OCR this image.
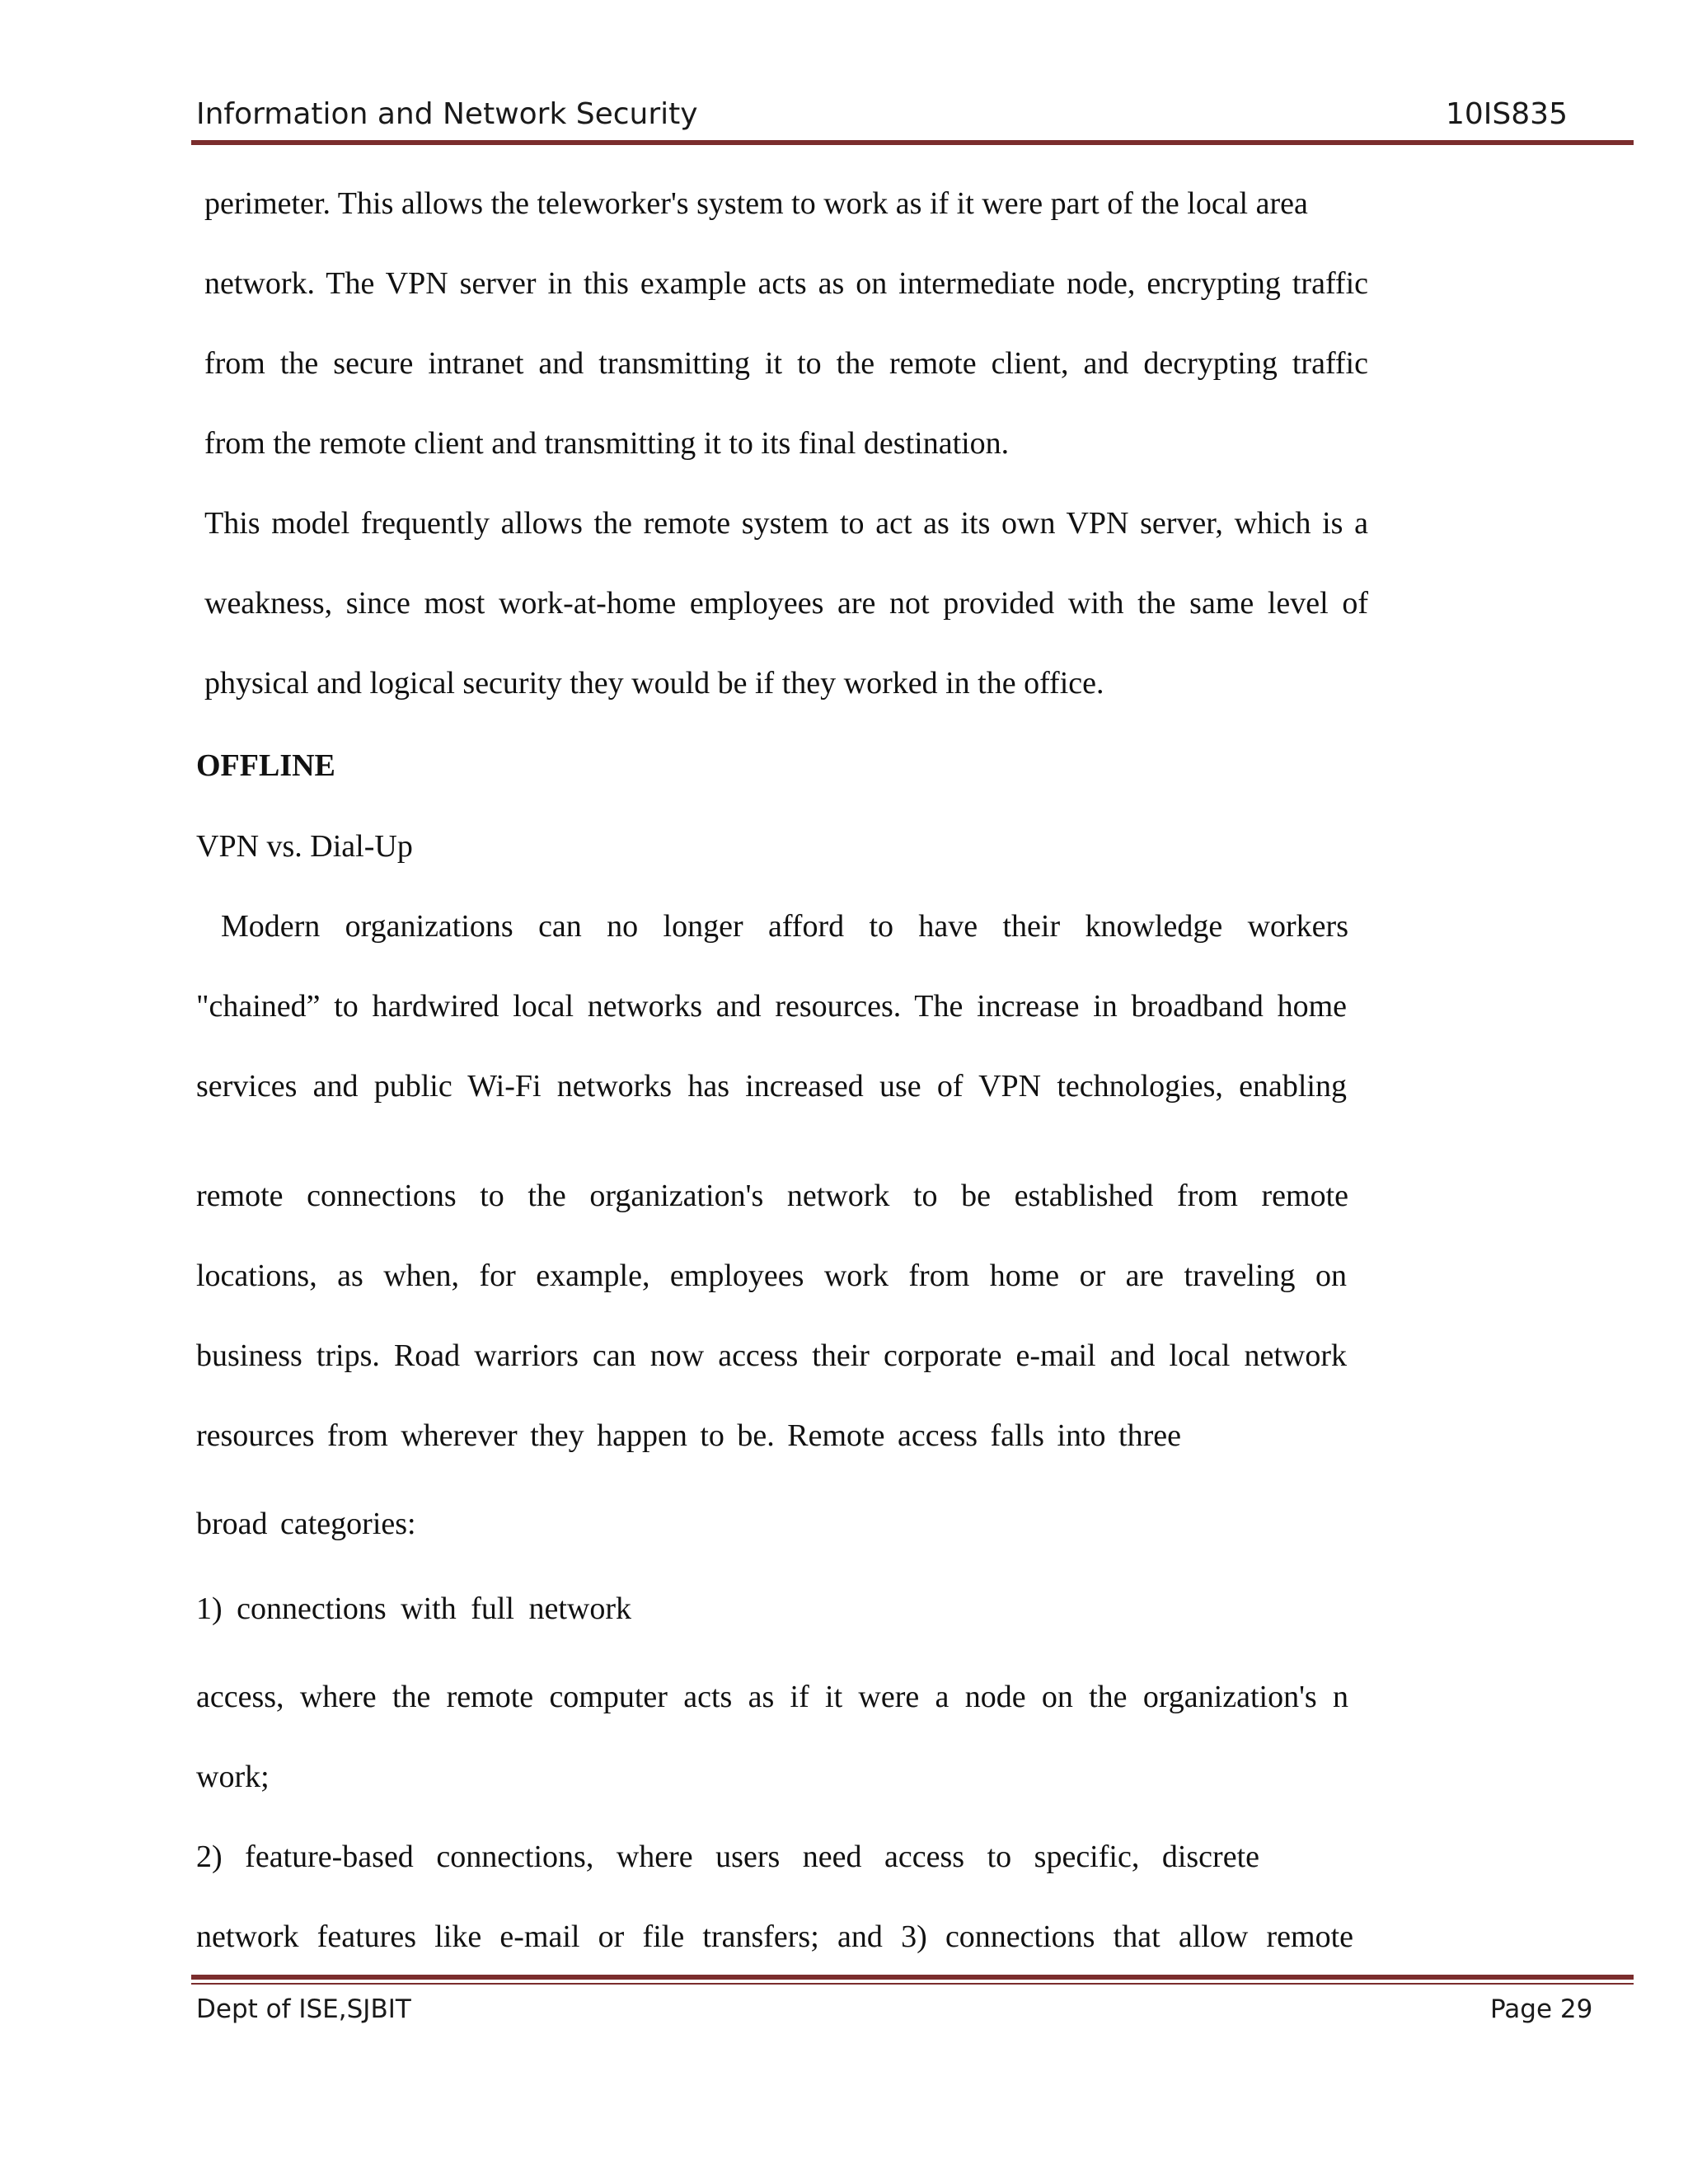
Information and Network Security	10IS835
perimeter. This allows the teleworker's system to work as if it were part of the local area
network. The VPN server in this example acts as on intermediate node, encrypting traffic
from the secure intranet and transmitting it to the remote client, and decrypting traffic
from the remote client and transmitting it to its final destination.
This model frequently allows the remote system to act as its own VPN server, which is a
weakness, since most work-at-home employees are not provided with the same level of
physical and logical security they would be if they worked in the office.
OFFLINE
VPN vs. Dial-Up
Modern organizations can no longer afford to have their knowledge workers
"chained” to hardwired local networks and resources. The increase in broadband home
services and public Wi-Fi networks has increased use of VPN technologies, enabling
remote connections to the organization's network to be established from remote
locations, as when, for example, employees work from home or are traveling on
business trips. Road warriors can now access their corporate e-mail and local network
resources from wherever they happen to be. Remote access falls into three
broad categories:
1) connections with full network
access, where the remote computer acts as if it were a node on the organization's n
work;
2) feature-based connections, where users need access to specific, discrete
network features like e-mail or file transfers; and 3) connections that allow remote
Dept of ISE,SJBIT	Page 29
